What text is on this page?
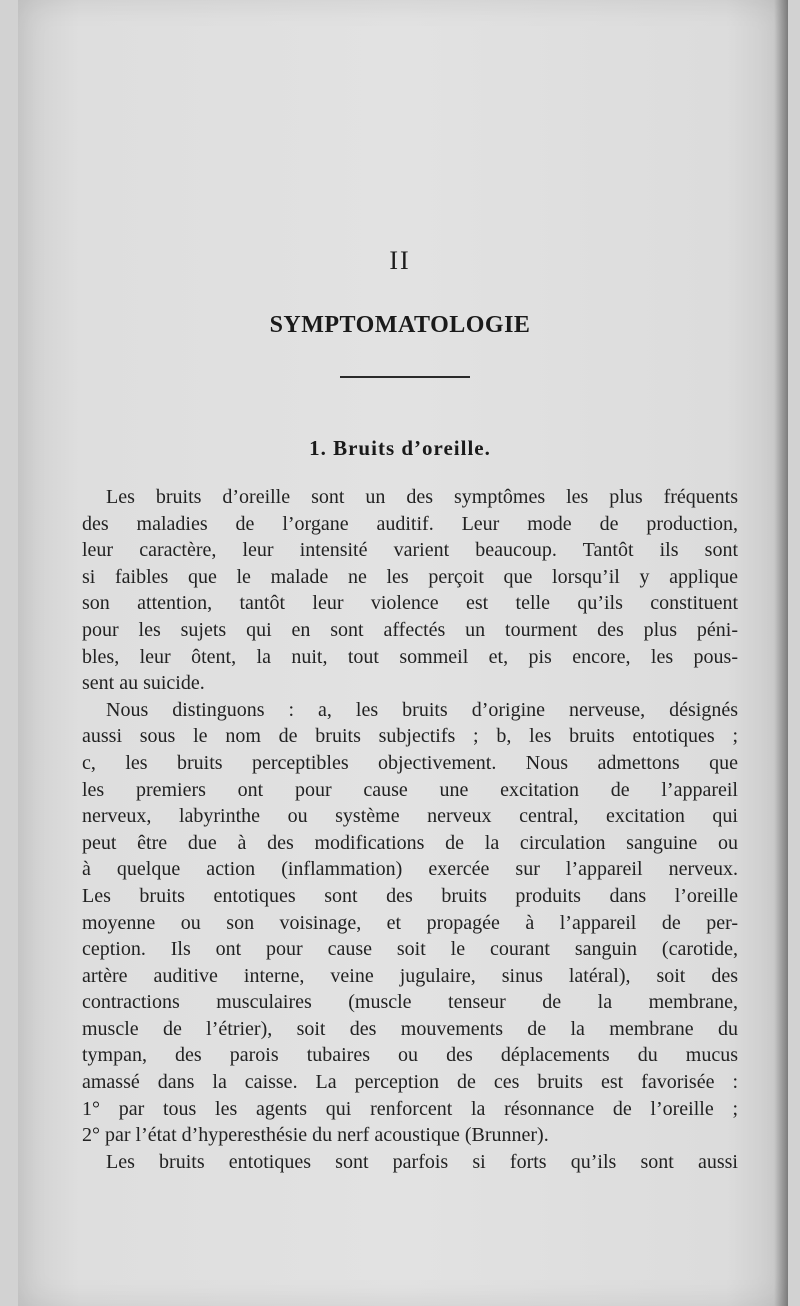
II
SYMPTOMATOLOGIE
1. Bruits d’oreille.
Les bruits d’oreille sont un des symptômes les plus fréquents
des maladies de l’organe auditif. Leur mode de production,
leur caractère, leur intensité varient beaucoup. Tantôt ils sont
si faibles que le malade ne les perçoit que lorsqu’il y applique
son attention, tantôt leur violence est telle qu’ils constituent
pour les sujets qui en sont affectés un tourment des plus péni-
bles, leur ôtent, la nuit, tout sommeil et, pis encore, les pous-
sent au suicide.
Nous distinguons : a, les bruits d’origine nerveuse, désignés
aussi sous le nom de bruits subjectifs ; b, les bruits entotiques ;
c, les bruits perceptibles objectivement. Nous admettons que
les premiers ont pour cause une excitation de l’appareil
nerveux, labyrinthe ou système nerveux central, excitation qui
peut être due à des modifications de la circulation sanguine ou
à quelque action (inflammation) exercée sur l’appareil nerveux.
Les bruits entotiques sont des bruits produits dans l’oreille
moyenne ou son voisinage, et propagée à l’appareil de per-
ception. Ils ont pour cause soit le courant sanguin (carotide,
artère auditive interne, veine jugulaire, sinus latéral), soit des
contractions musculaires (muscle tenseur de la membrane,
muscle de l’étrier), soit des mouvements de la membrane du
tympan, des parois tubaires ou des déplacements du mucus
amassé dans la caisse. La perception de ces bruits est favorisée :
1° par tous les agents qui renforcent la résonnance de l’oreille ;
2° par l’état d’hyperesthésie du nerf acoustique (Brunner).
Les bruits entotiques sont parfois si forts qu’ils sont aussi
